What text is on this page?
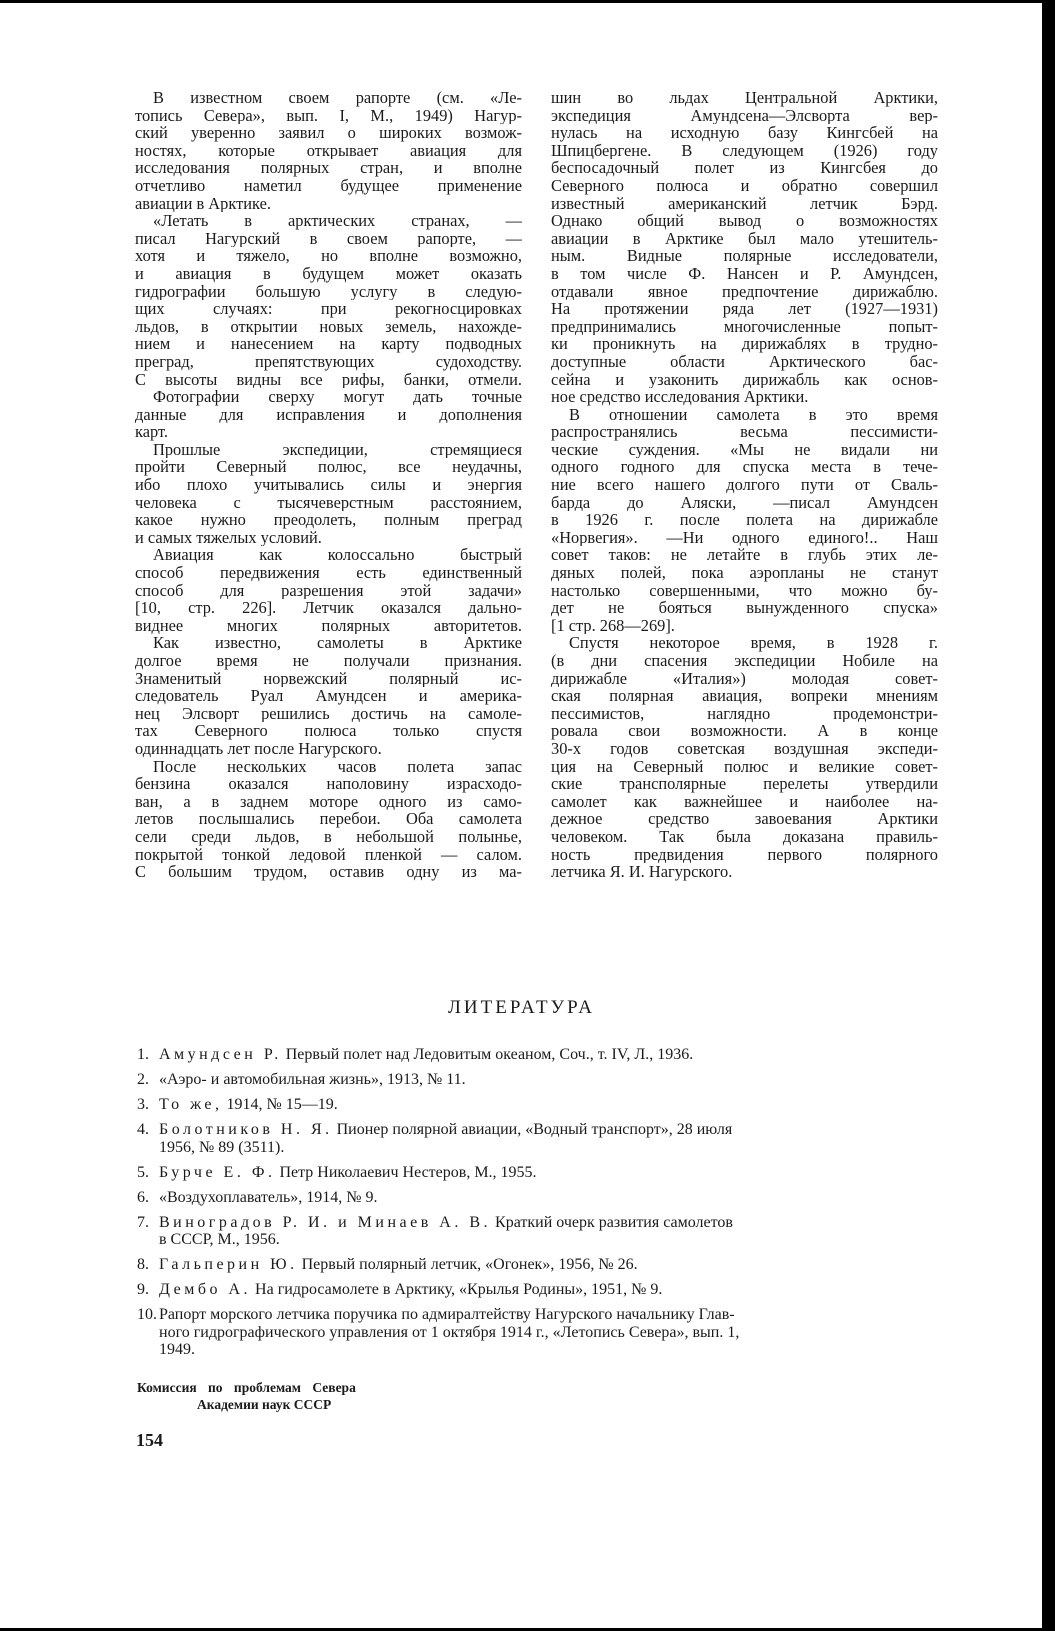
В известном своем рапорте (см. «Ле-
топись Севера», вып. I, М., 1949) Нагур-
ский уверенно заявил о широких возмож-
ностях, которые открывает авиация для
исследования полярных стран, и вполне
отчетливо наметил будущее применение
авиации в Арктике.
«Летать в арктических странах, —
писал Нагурский в своем рапорте, —
хотя и тяжело, но вполне возможно,
и авиация в будущем может оказать
гидрографии большую услугу в следую-
щих случаях: при рекогносцировках
льдов, в открытии новых земель, нахожде-
нием и нанесением на карту подводных
преград, препятствующих судоходству.
С высоты видны все рифы, банки, отмели.
Фотографии сверху могут дать точные
данные для исправления и дополнения
карт.
Прошлые экспедиции, стремящиеся
пройти Северный полюс, все неудачны,
ибо плохо учитывались силы и энергия
человека с тысячеверстным расстоянием,
какое нужно преодолеть, полным преград
и самых тяжелых условий.
Авиация как колоссально быстрый
способ передвижения есть единственный
способ для разрешения этой задачи»
[10, стр. 226]. Летчик оказался дально-
виднее многих полярных авторитетов.
Как известно, самолеты в Арктике
долгое время не получали признания.
Знаменитый норвежский полярный ис-
следователь Руал Амундсен и америка-
нец Элсворт решились достичь на самоле-
тах Северного полюса только спустя
одиннадцать лет после Нагурского.
После нескольких часов полета запас
бензина оказался наполовину израсходо-
ван, а в заднем моторе одного из само-
летов послышались перебои. Оба самолета
сели среди льдов, в небольшой полынье,
покрытой тонкой ледовой пленкой — салом.
С большим трудом, оставив одну из ма-
шин во льдах Центральной Арктики,
экспедиция Амундсена—Элсворта вер-
нулась на исходную базу Кингсбей на
Шпицбергене. В следующем (1926) году
беспосадочный полет из Кингсбея до
Северного полюса и обратно совершил
известный американский летчик Бэрд.
Однако общий вывод о возможностях
авиации в Арктике был мало утешитель-
ным. Видные полярные исследователи,
в том числе Ф. Нансен и Р. Амундсен,
отдавали явное предпочтение дирижаблю.
На протяжении ряда лет (1927—1931)
предпринимались многочисленные попыт-
ки проникнуть на дирижаблях в трудно-
доступные области Арктического бас-
сейна и узаконить дирижабль как основ-
ное средство исследования Арктики.
В отношении самолета в это время
распространялись весьма пессимисти-
ческие суждения. «Мы не видали ни
одного годного для спуска места в тече-
ние всего нашего долгого пути от Сваль-
барда до Аляски, —писал Амундсен
в 1926 г. после полета на дирижабле
«Норвегия». —Ни одного единого!.. Наш
совет таков: не летайте в глубь этих ле-
дяных полей, пока аэропланы не станут
настолько совершенными, что можно бу-
дет не бояться вынужденного спуска»
[1 стр. 268—269].
Спустя некоторое время, в 1928 г.
(в дни спасения экспедиции Нобиле на
дирижабле «Италия») молодая совет-
ская полярная авиация, вопреки мнениям
пессимистов, наглядно продемонстри-
ровала свои возможности. А в конце
30-х годов советская воздушная экспеди-
ция на Северный полюс и великие совет-
ские трансполярные перелеты утвердили
самолет как важнейшее и наиболее на-
дежное средство завоевания Арктики
человеком. Так была доказана правиль-
ность предвидения первого полярного
летчика Я. И. Нагурского.
ЛИТЕРАТУРА
1. Амундсен Р. Первый полет над Ледовитым океаном, Соч., т. IV, Л., 1936.
2. «Аэро- и автомобильная жизнь», 1913, № 11.
3. То же, 1914, № 15—19.
4. Болотников Н. Я. Пионер полярной авиации, «Водный транспорт», 28 июля
1956, № 89 (3511).
5. Бурче Е. Ф. Петр Николаевич Нестеров, М., 1955.
6. «Воздухоплаватель», 1914, № 9.
7. Виноградов Р. И. и Минаев А. В. Краткий очерк развития самолетов
в СССР, М., 1956.
8. Гальперин Ю. Первый полярный летчик, «Огонек», 1956, № 26.
9. Дембо А. На гидросамолете в Арктику, «Крылья Родины», 1951, № 9.
10. Рапорт морского летчика поручика по адмиралтейству Нагурского начальнику Глав-
ного гидрографического управления от 1 октября 1914 г., «Летопись Севера», вып. 1,
1949.
Комиссия по проблемам Севера
Академии наук СССР
154
